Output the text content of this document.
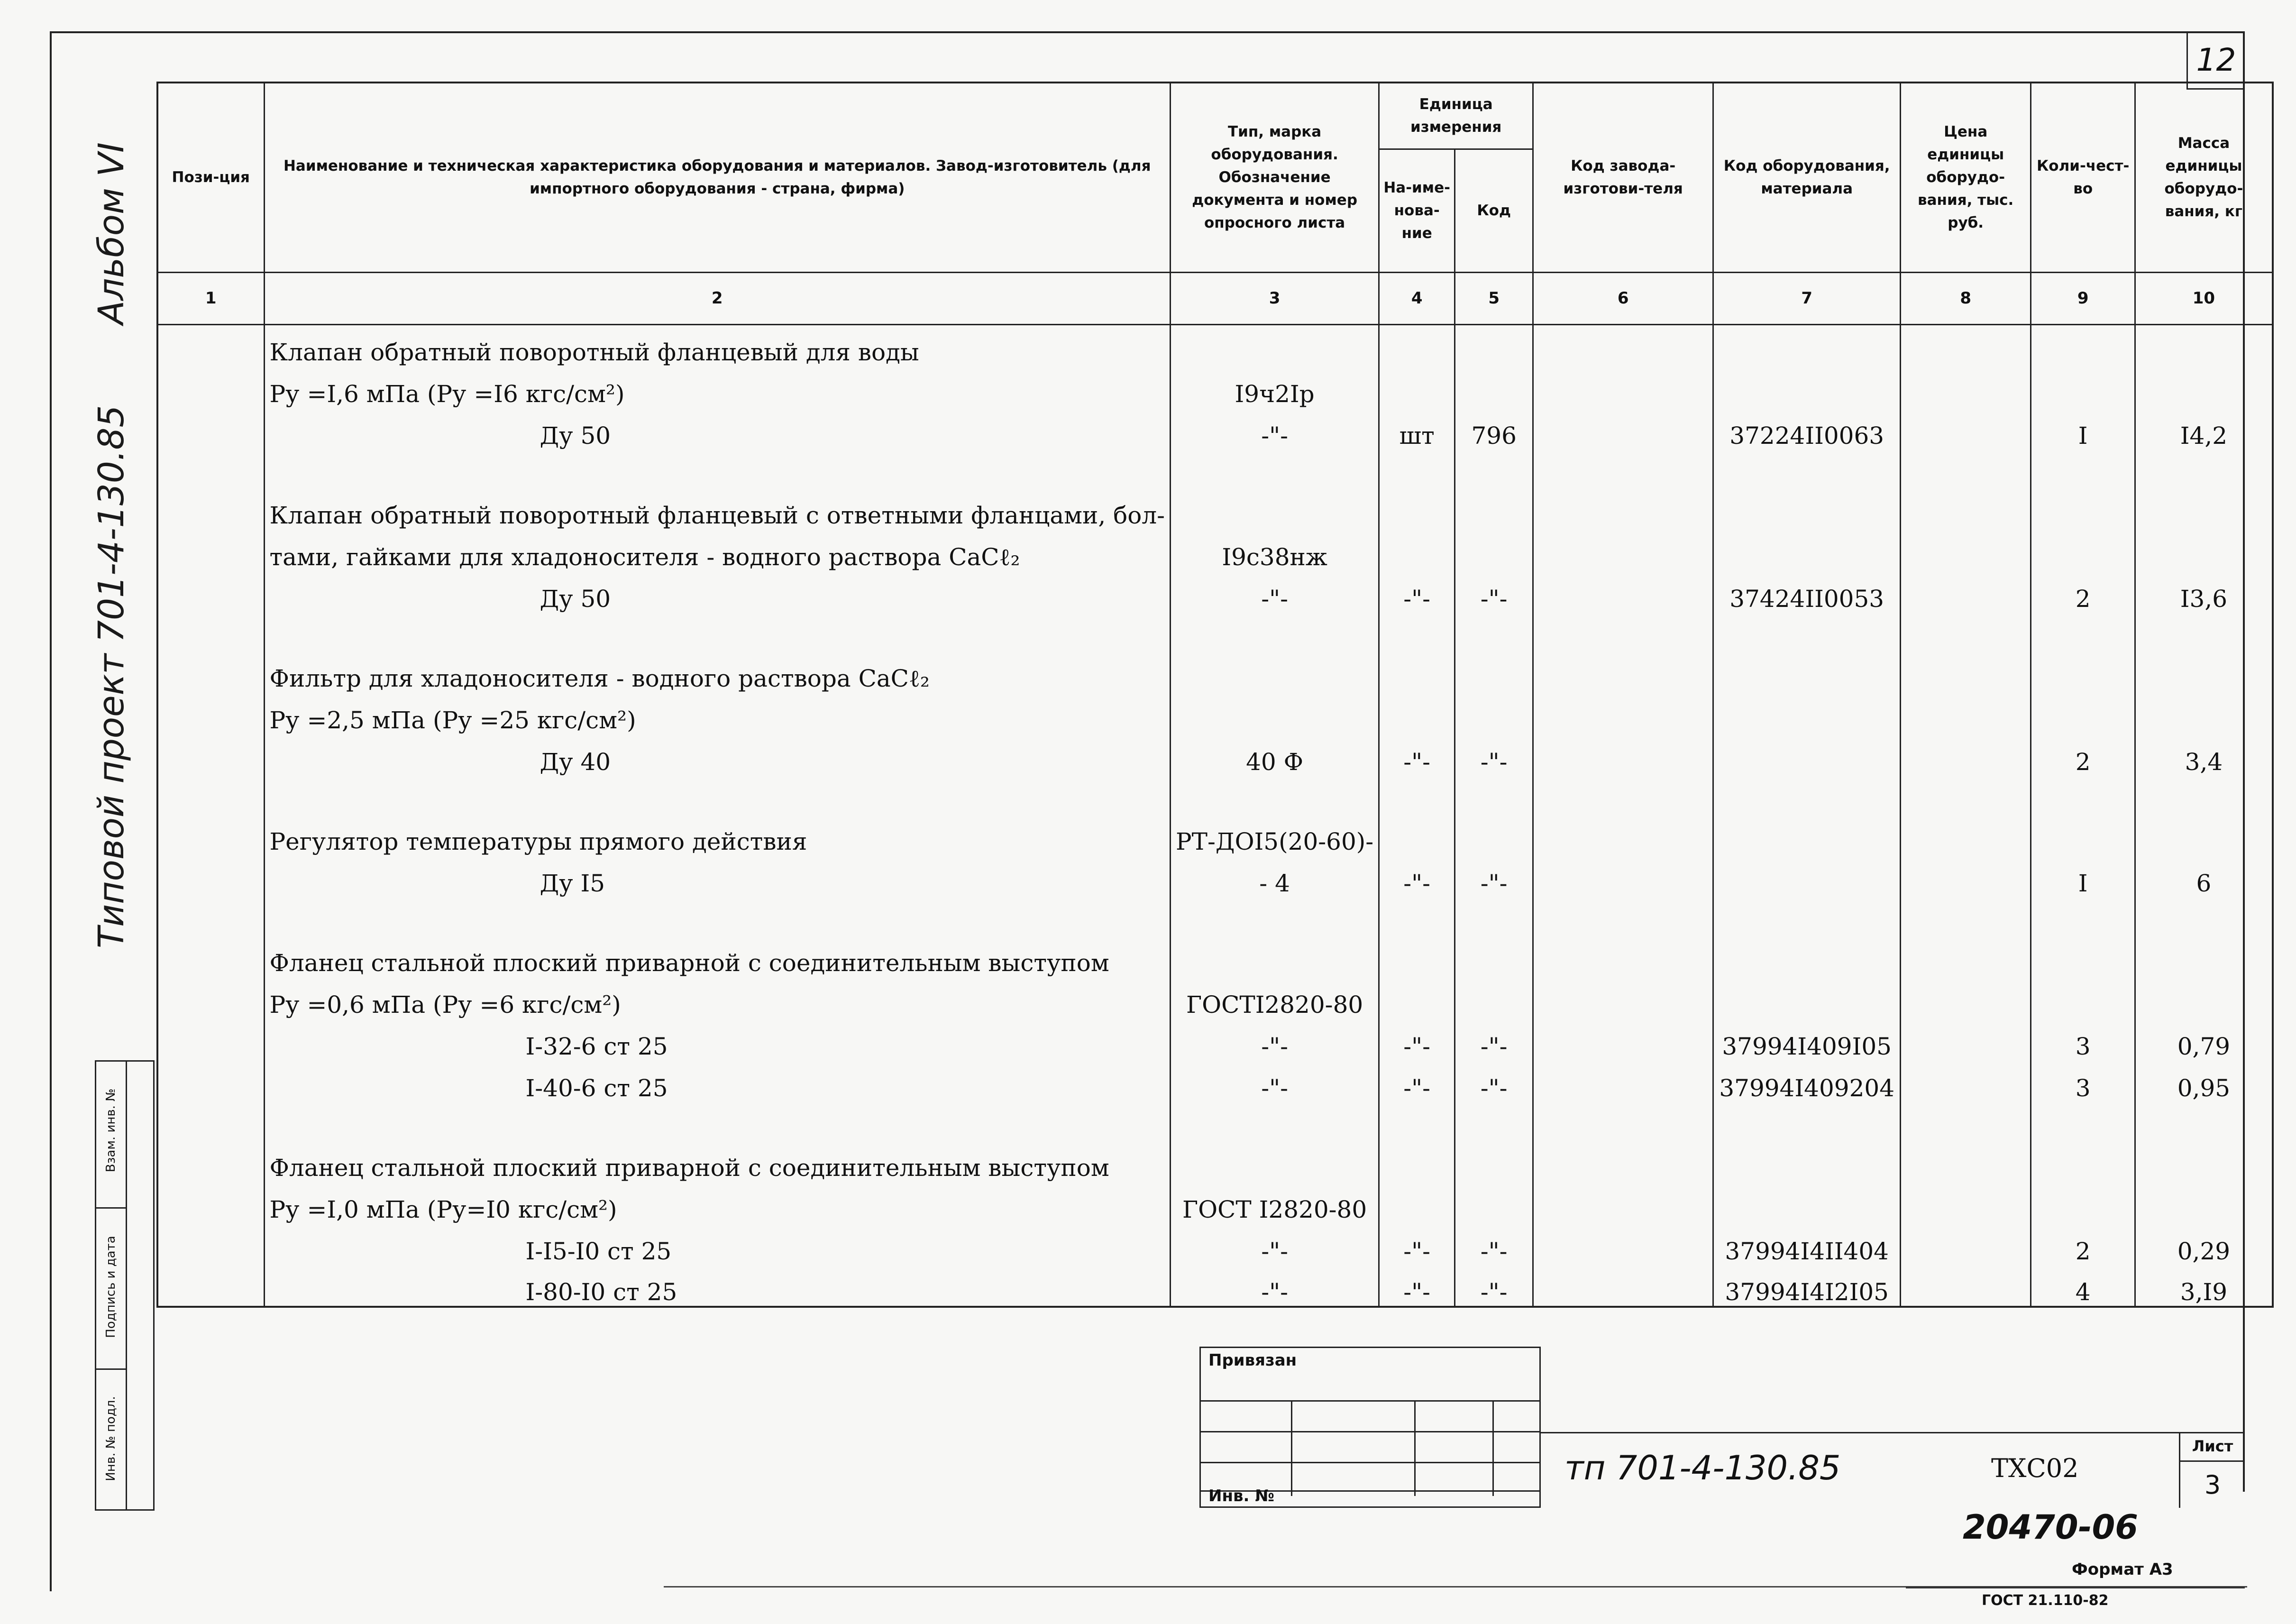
12
Типовой проект 701-4-130.85
Альбом VI
Взам. инв. №
Подпись и дата
Инв. № подл.
Пози-ция	Наименование и техническая характеристика оборудования и материалов. Завод-изготовитель (для импортного оборудования - страна, фирма)	Тип, марка оборудования. Обозначение документа и номер опросного листа	Единица измерения		Код завода-изготови-теля	Код оборудования, материала	Цена единицы оборудо-вания, тыс. руб.	Коли-чест-во	Масса единицы оборудо-вания, кг
			На-име-нова-ние	Код					
1	2	3	4	5	6	7	8	9	10
	Клапан обратный поворотный фланцевый для воды								
	Ру =I,6 мПа (Ру =I6 кгс/см²)	I9ч2Iр							
	Ду 50	-"-	шт	796		37224II0063		I	I4,2

	Клапан обратный поворотный фланцевый с ответными фланцами, бол-								
	тами, гайками для хладоносителя - водного раствора CaCℓ₂	I9с38нж							
	Ду 50	-"-	-"-	-"-		37424II0053		2	I3,6

	Фильтр для хладоносителя - водного раствора CaCℓ₂								
	Ру =2,5 мПа (Ру =25 кгс/см²)								
	Ду 40	40 Ф	-"-	-"-				2	3,4

	Регулятор температуры прямого действия	РТ-ДОI5(20-60)-							
	Ду I5	- 4	-"-	-"-				I	6

	Фланец стальной плоский приварной с соединительным выступом								
	Ру =0,6 мПа (Ру =6 кгс/см²)	ГОСТI2820-80							
	I-32-6 ст 25	-"-	-"-	-"-		37994I409I05		3	0,79
	I-40-6 ст 25	-"-	-"-	-"-		37994I409204		3	0,95

	Фланец стальной плоский приварной с соединительным выступом								
	Ру =I,0 мПа (Ру=I0 кгс/см²)	ГОСТ I2820-80							
	I-I5-I0 ст 25	-"-	-"-	-"-		37994I4II404		2	0,29
	I-80-I0 ст 25	-"-	-"-	-"-		37994I4I2I05		4	3,I9
Привязан
Инв. №
тп 701-4-130.85	ТХС02
Лист
3
20470-06
Формат А3
ГОСТ 21.110-82
